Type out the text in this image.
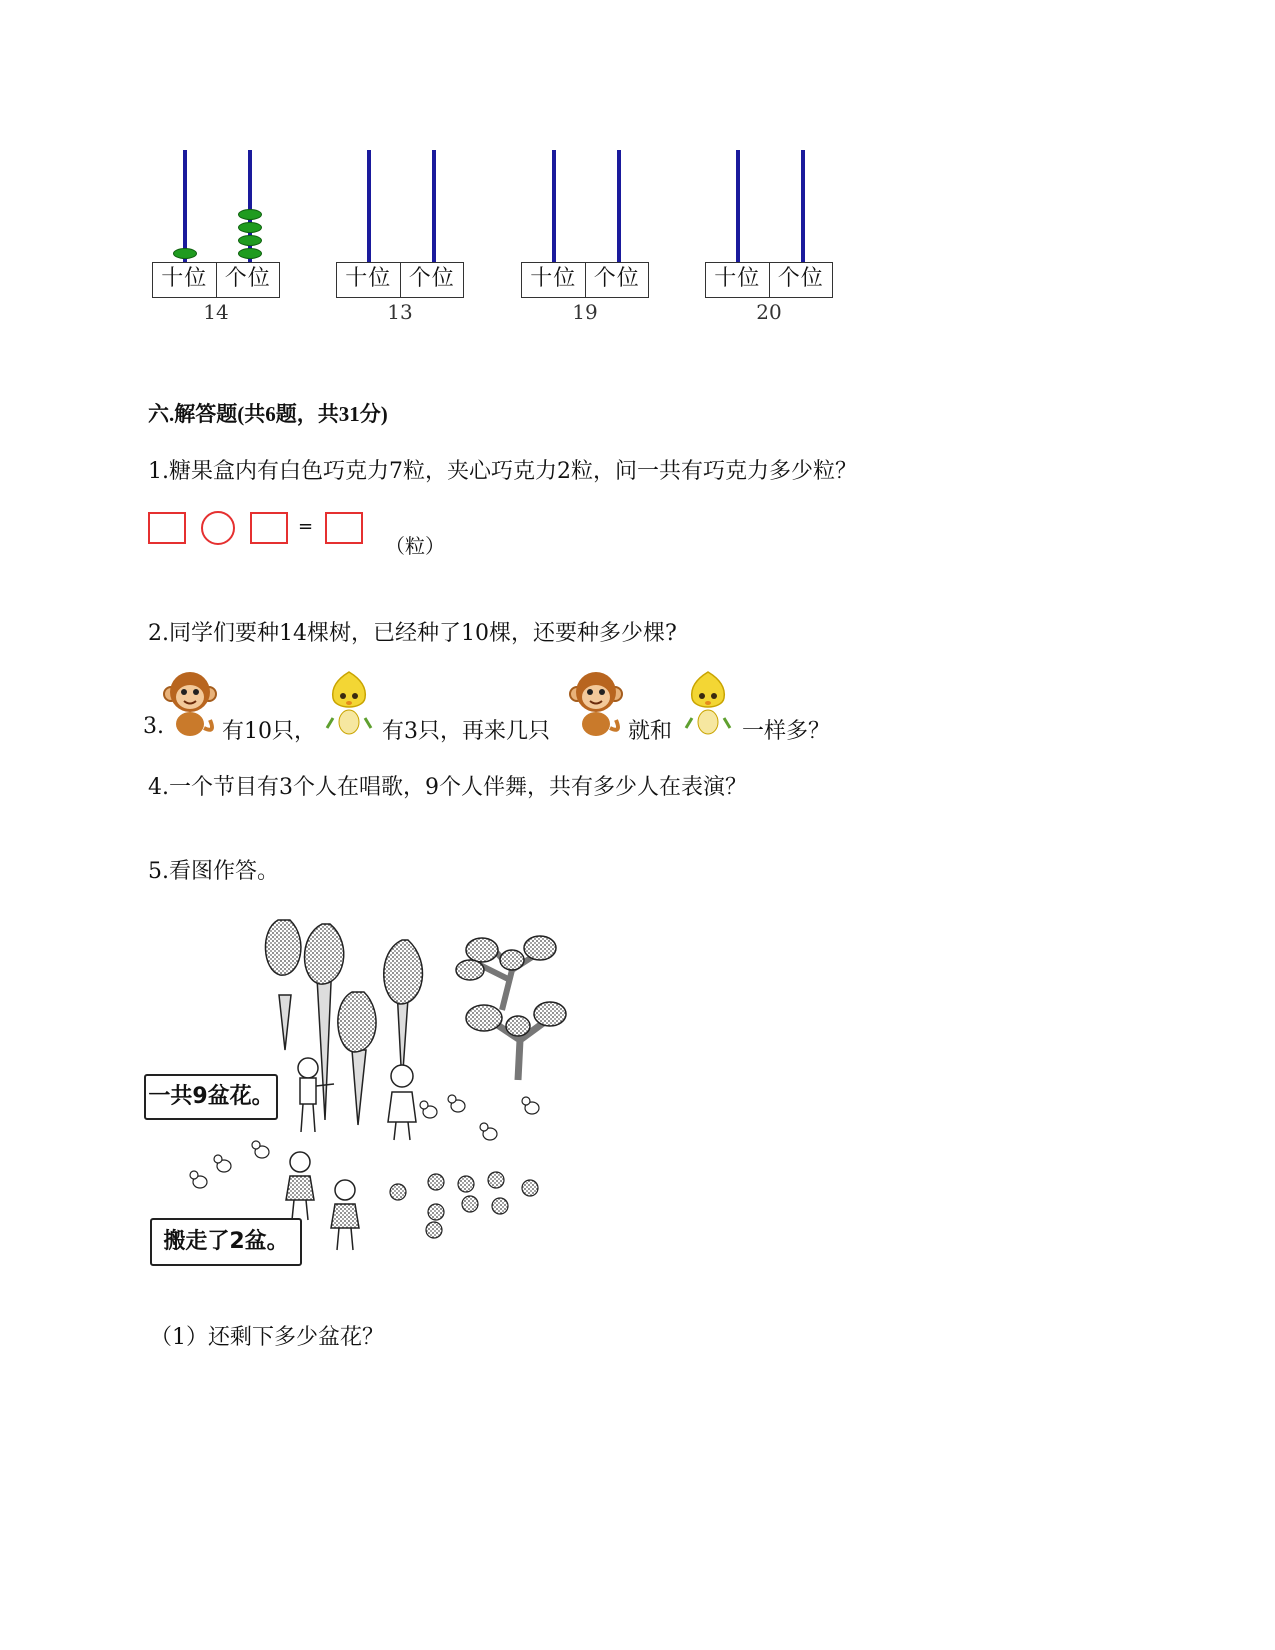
十位 个位
14
十位 个位
13
十位 个位
19
十位 个位
20
六.解答题(共6题，共31分)
1.糖果盒内有白色巧克力7粒，夹心巧克力2粒，问一共有巧克力多少粒？
=
（粒）
2.同学们要种14棵树，已经种了10棵，还要种多少棵?
3.	有10只，	有3只，再来几只	就和	一样多？
4.一个节目有3个人在唱歌，9个人伴舞，共有多少人在表演？
5.看图作答。
一共9盆花。
搬走了2盆。
（1）还剩下多少盆花？
